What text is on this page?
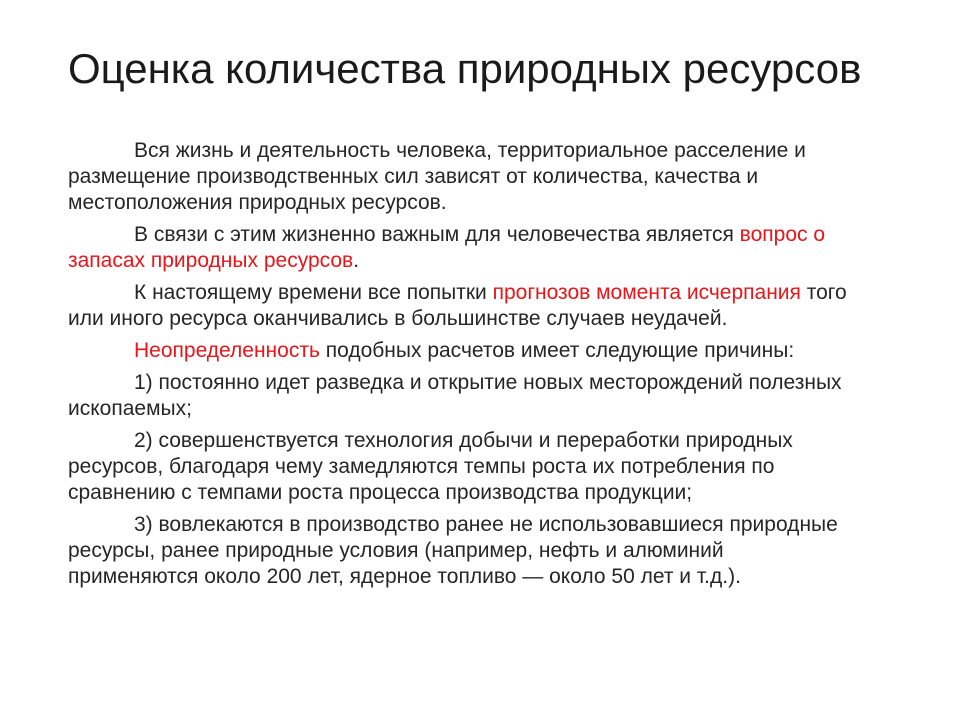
Оценка количества природных ресурсов

Вся жизнь и деятельность человека, территориальное расселение и размещение производственных сил зависят от количества, качества и местоположения природных ресурсов.

В связи с этим жизненно важным для человечества является вопрос о запасах природных ресурсов.

К настоящему времени все попытки прогнозов момента исчерпания того или иного ресурса оканчивались в большинстве случаев неудачей.

Неопределенность подобных расчетов имеет следующие причины:

1) постоянно идет разведка и открытие новых месторождений полезных ископаемых;

2) совершенствуется технология добычи и переработки природных ресурсов, благодаря чему замедляются темпы роста их потребления по сравнению с темпами роста процесса производства продукции;

3) вовлекаются в производство ранее не использовавшиеся природные ресурсы, ранее природные условия (например, нефть и алюминий применяются около 200 лет, ядерное топливо — около 50 лет и т.д.).
